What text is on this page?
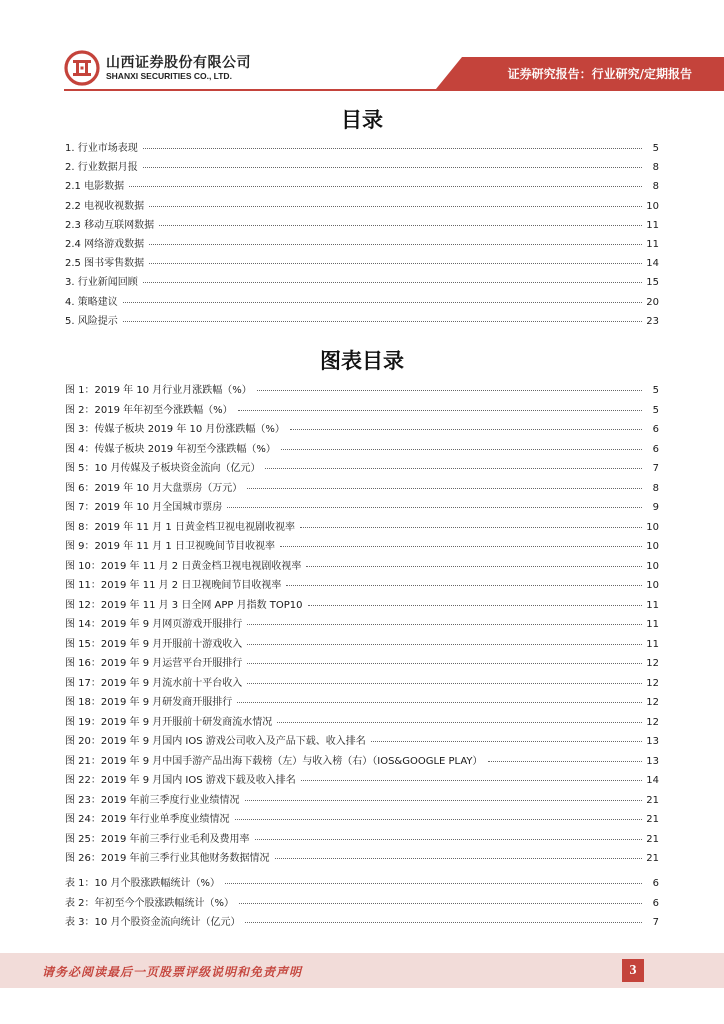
山西证券股份有限公司
SHANXI SECURITIES CO., LTD.	证券研究报告：行业研究/定期报告
目录
1. 行业市场表现	5
2. 行业数据月报	8
2.1 电影数据	8
2.2 电视收视数据	10
2.3 移动互联网数据	11
2.4 网络游戏数据	11
2.5 图书零售数据	14
3. 行业新闻回顾	15
4. 策略建议	20
5. 风险提示	23
图表目录
图 1：2019 年 10 月行业月涨跌幅（%）	5
图 2：2019 年年初至今涨跌幅（%）	5
图 3：传媒子板块 2019 年 10 月份涨跌幅（%）	6
图 4：传媒子板块 2019 年初至今涨跌幅（%）	6
图 5：10 月传媒及子板块资金流向（亿元）	7
图 6：2019 年 10 月大盘票房（万元）	8
图 7：2019 年 10 月全国城市票房	9
图 8：2019 年 11 月 1 日黄金档卫视电视剧收视率	10
图 9：2019 年 11 月 1 日卫视晚间节目收视率	10
图 10：2019 年 11 月 2 日黄金档卫视电视剧收视率	10
图 11：2019 年 11 月 2 日卫视晚间节目收视率	10
图 12：2019 年 11 月 3 日全网 APP 月指数 TOP10	11
图 14：2019 年 9 月网页游戏开服排行	11
图 15：2019 年 9 月开服前十游戏收入	11
图 16：2019 年 9 月运营平台开服排行	12
图 17：2019 年 9 月流水前十平台收入	12
图 18：2019 年 9 月研发商开服排行	12
图 19：2019 年 9 月开服前十研发商流水情况	12
图 20：2019 年 9 月国内 IOS 游戏公司收入及产品下载、收入排名	13
图 21：2019 年 9 月中国手游产品出海下载榜（左）与收入榜（右）（IOS&GOOGLE PLAY）	13
图 22：2019 年 9 月国内 IOS 游戏下载及收入排名	14
图 23：2019 年前三季度行业业绩情况	21
图 24：2019 年行业单季度业绩情况	21
图 25：2019 年前三季行业毛利及费用率	21
图 26：2019 年前三季行业其他财务数据情况	21
表 1：10 月个股涨跌幅统计（%）	6
表 2：年初至今个股涨跌幅统计（%）	6
表 3：10 月个股资金流向统计（亿元）	7
请务必阅读最后一页股票评级说明和免责声明	3
